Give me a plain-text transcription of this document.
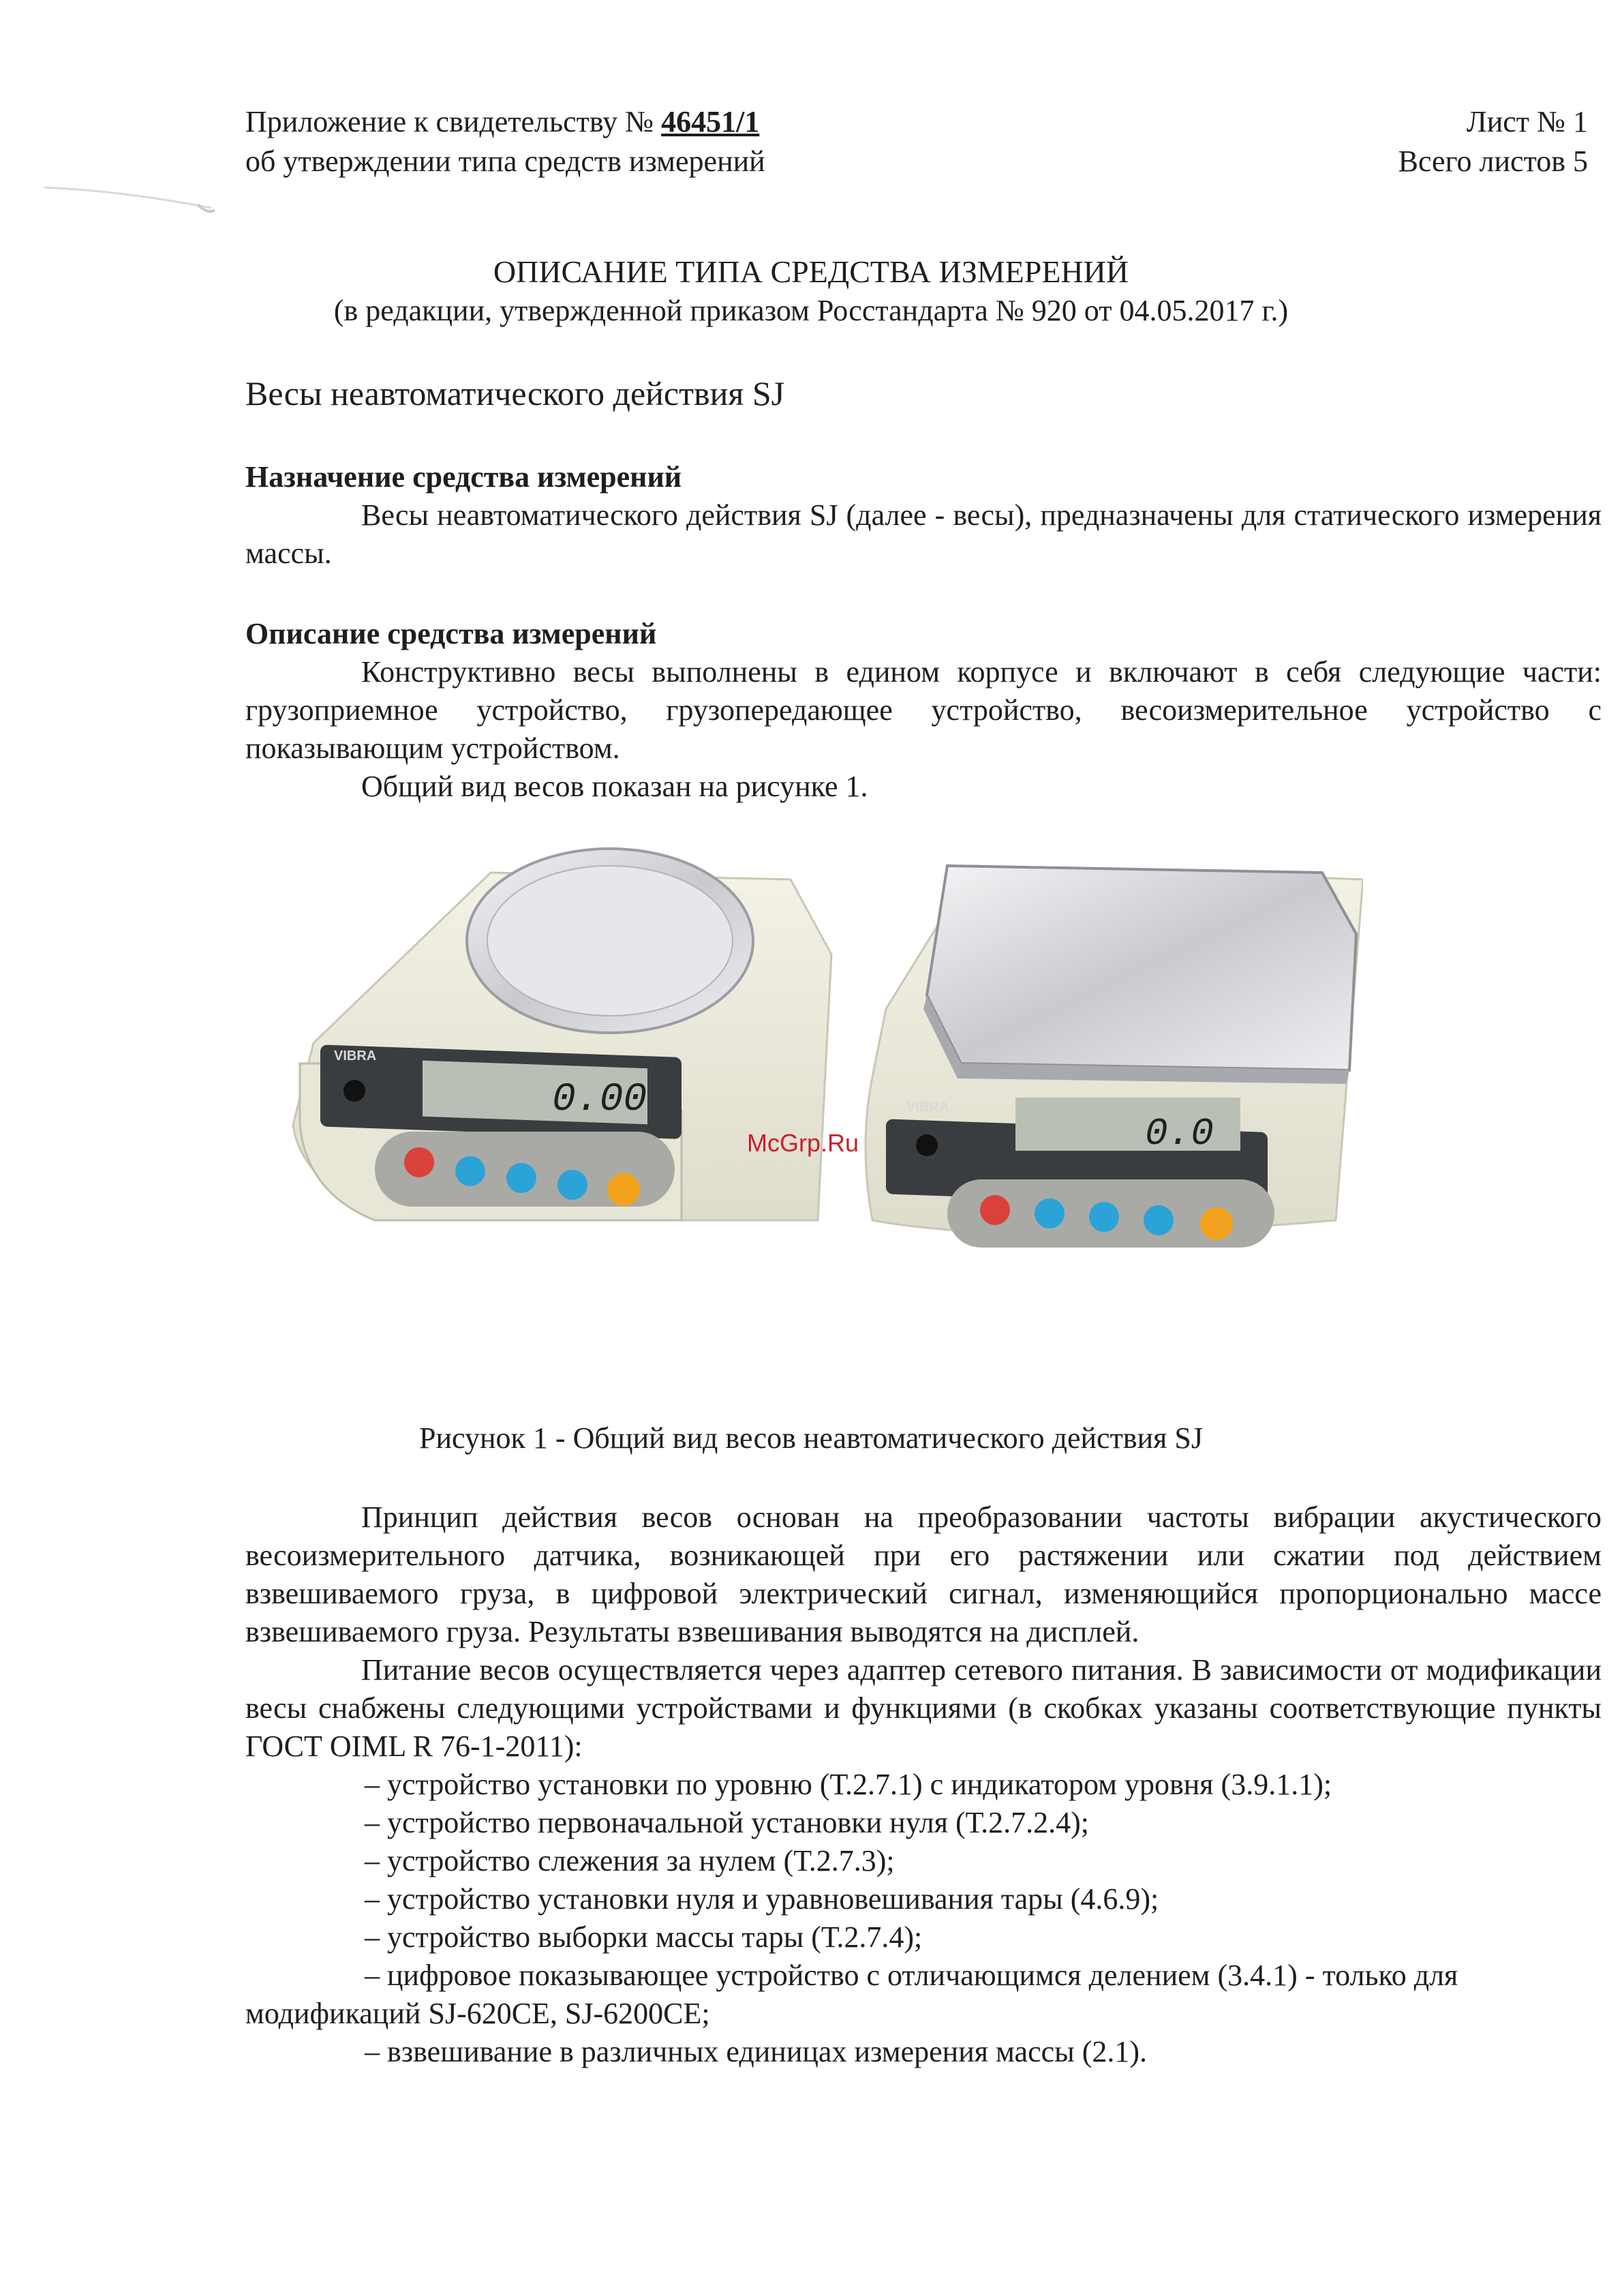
Приложение к свидетельству № 46451/1
об утверждении типа средств измерений
Лист № 1
Всего листов 5
ОПИСАНИЕ ТИПА СРЕДСТВА ИЗМЕРЕНИЙ
(в редакции, утвержденной приказом Росстандарта № 920 от 04.05.2017 г.)
Весы неавтоматического действия SJ
Назначение средства измерений
Весы неавтоматического действия SJ (далее - весы), предназначены для статического измерения массы.
Описание средства измерений
Конструктивно весы выполнены в едином корпусе и включают в себя следующие части: грузоприемное устройство, грузопередающее устройство, весоизмерительное устройство с показывающим устройством.
Общий вид весов показан на рисунке 1.
0.00
VIBRA
0.0
VIBRA
McGrp.Ru
Рисунок 1 - Общий вид весов неавтоматического действия SJ
Принцип действия весов основан на преобразовании частоты вибрации акустического весоизмерительного датчика, возникающей при его растяжении или сжатии под действием взвешиваемого груза, в цифровой электрический сигнал, изменяющийся пропорционально массе взвешиваемого груза. Результаты взвешивания выводятся на дисплей.
Питание весов осуществляется через адаптер сетевого питания. В зависимости от модификации весы снабжены следующими устройствами и функциями (в скобках указаны соответствующие пункты ГОСТ OIML R 76-1-2011):
– устройство установки по уровню (Т.2.7.1) с индикатором уровня (3.9.1.1);
– устройство первоначальной установки нуля (Т.2.7.2.4);
– устройство слежения за нулем (Т.2.7.3);
– устройство установки нуля и уравновешивания тары (4.6.9);
– устройство выборки массы тары (Т.2.7.4);
– цифровое показывающее устройство с отличающимся делением (3.4.1) - только для
модификаций SJ-620CE, SJ-6200CE;
– взвешивание в различных единицах измерения массы (2.1).
